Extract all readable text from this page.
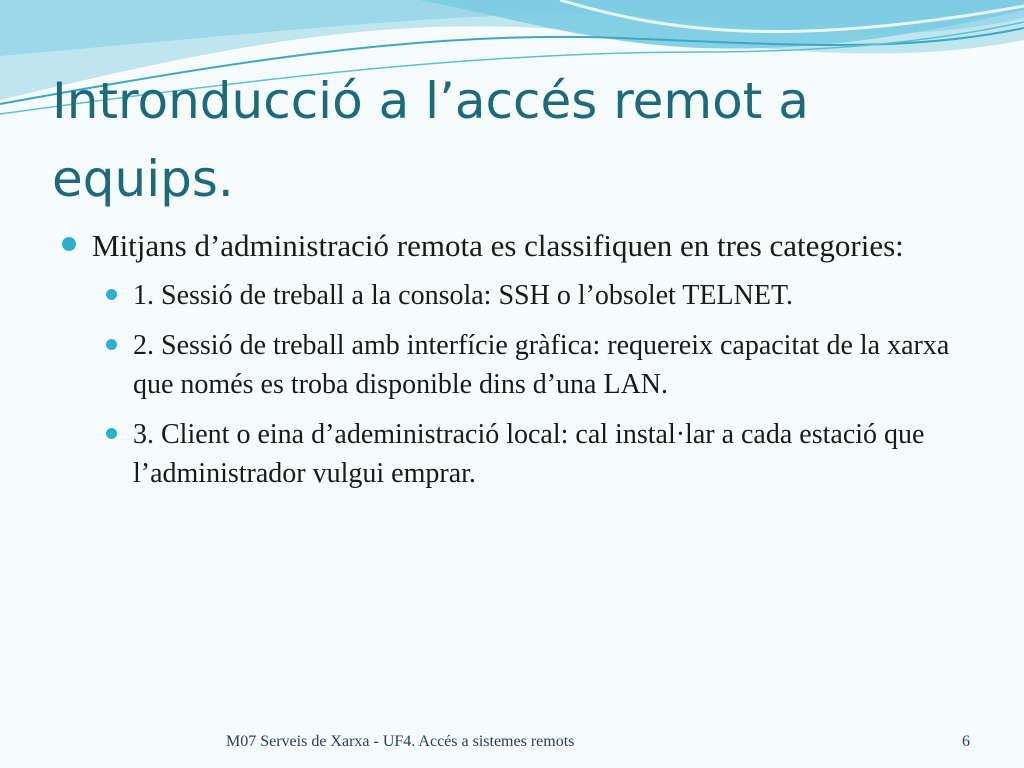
Intronducció a l’accés remot a equips.
Mitjans d’administració remota es classifiquen en tres categories:
1. Sessió de treball a la consola: SSH o l’obsolet TELNET.
2. Sessió de treball amb interfície gràfica: requereix capacitat de la xarxa que només es troba disponible dins d’una LAN.
3. Client o eina d’adeministració local: cal instal·lar a cada estació que l’administrador vulgui emprar.
M07 Serveis de Xarxa - UF4. Accés a sistemes remots	6
